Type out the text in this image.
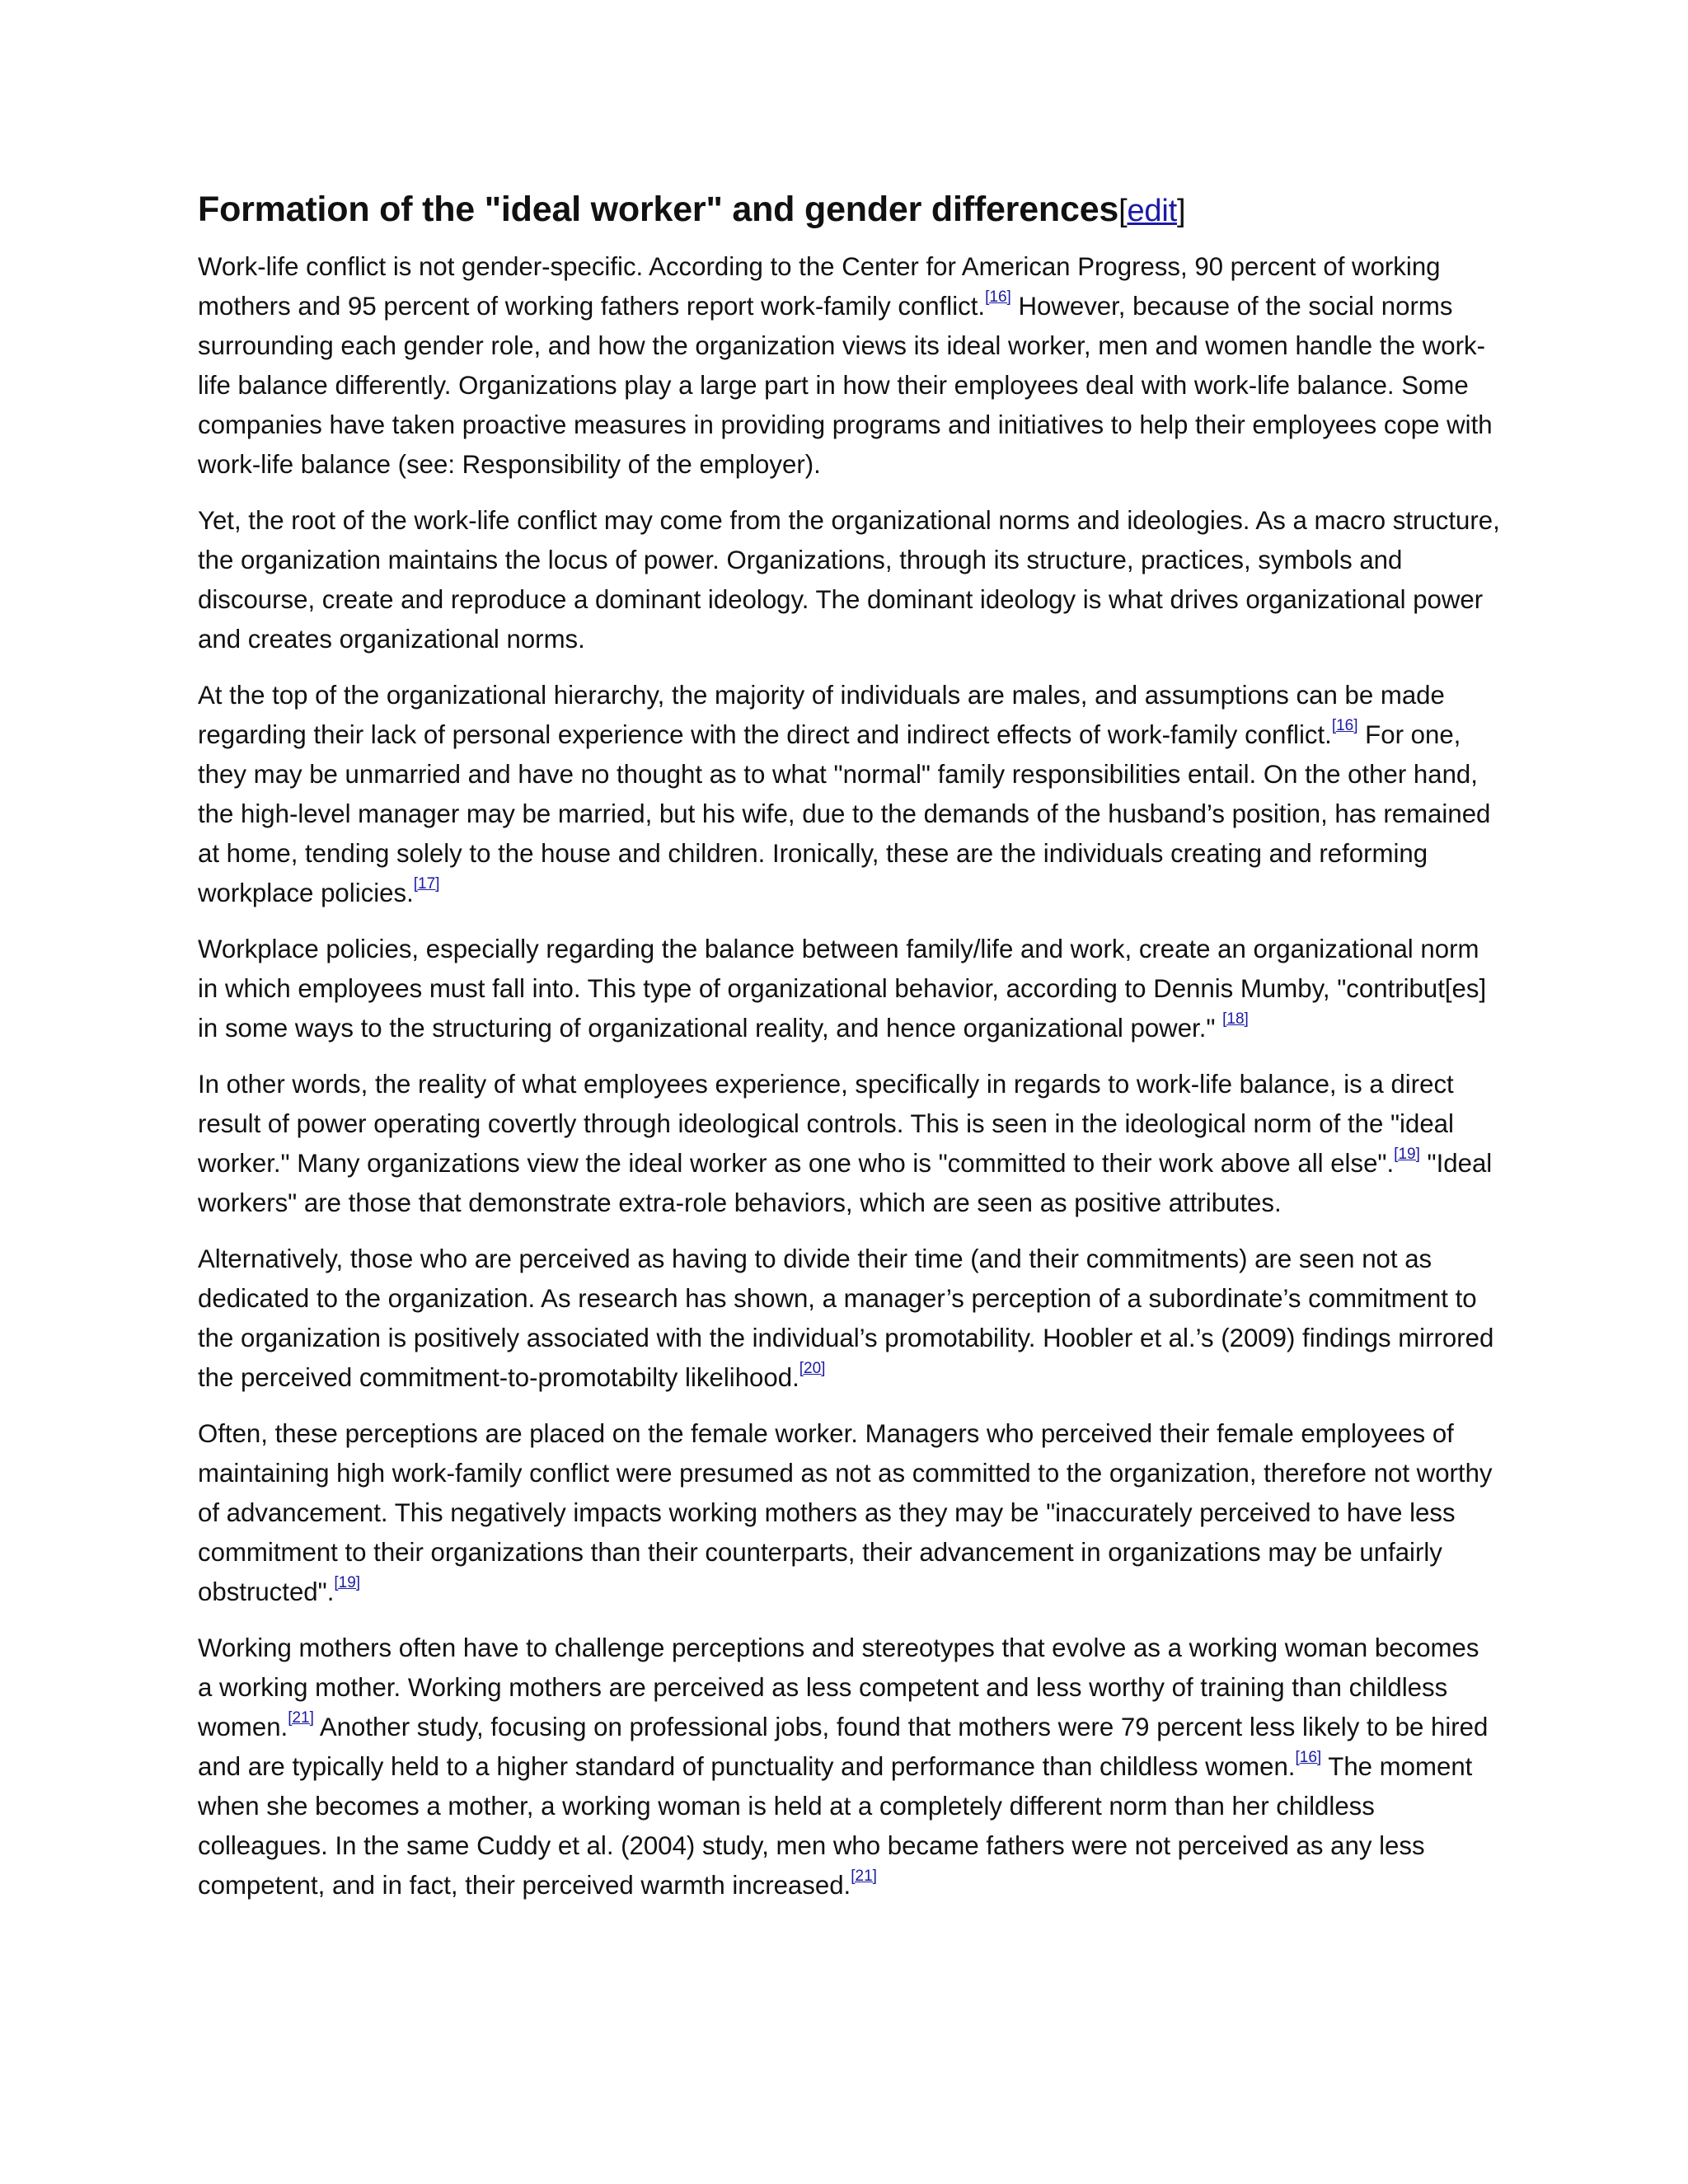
Formation of the "ideal worker" and gender differences[edit]

Work-life conflict is not gender-specific. According to the Center for American Progress, 90 percent of working mothers and 95 percent of working fathers report work-family conflict.[16] However, because of the social norms surrounding each gender role, and how the organization views its ideal worker, men and women handle the work-life balance differently. Organizations play a large part in how their employees deal with work-life balance. Some companies have taken proactive measures in providing programs and initiatives to help their employees cope with work-life balance (see: Responsibility of the employer).

Yet, the root of the work-life conflict may come from the organizational norms and ideologies. As a macro structure, the organization maintains the locus of power. Organizations, through its structure, practices, symbols and discourse, create and reproduce a dominant ideology. The dominant ideology is what drives organizational power and creates organizational norms.

At the top of the organizational hierarchy, the majority of individuals are males, and assumptions can be made regarding their lack of personal experience with the direct and indirect effects of work-family conflict.[16] For one, they may be unmarried and have no thought as to what "normal" family responsibilities entail. On the other hand, the high-level manager may be married, but his wife, due to the demands of the husband’s position, has remained at home, tending solely to the house and children. Ironically, these are the individuals creating and reforming workplace policies.[17]

Workplace policies, especially regarding the balance between family/life and work, create an organizational norm in which employees must fall into. This type of organizational behavior, according to Dennis Mumby, "contribut[es] in some ways to the structuring of organizational reality, and hence organizational power." [18]

In other words, the reality of what employees experience, specifically in regards to work-life balance, is a direct result of power operating covertly through ideological controls. This is seen in the ideological norm of the "ideal worker." Many organizations view the ideal worker as one who is "committed to their work above all else".[19] "Ideal workers" are those that demonstrate extra-role behaviors, which are seen as positive attributes.

Alternatively, those who are perceived as having to divide their time (and their commitments) are seen not as dedicated to the organization. As research has shown, a manager’s perception of a subordinate’s commitment to the organization is positively associated with the individual’s promotability. Hoobler et al.’s (2009) findings mirrored the perceived commitment-to-promotabilty likelihood.[20]

Often, these perceptions are placed on the female worker. Managers who perceived their female employees of maintaining high work-family conflict were presumed as not as committed to the organization, therefore not worthy of advancement. This negatively impacts working mothers as they may be "inaccurately perceived to have less commitment to their organizations than their counterparts, their advancement in organizations may be unfairly obstructed".[19]

Working mothers often have to challenge perceptions and stereotypes that evolve as a working woman becomes a working mother. Working mothers are perceived as less competent and less worthy of training than childless women.[21] Another study, focusing on professional jobs, found that mothers were 79 percent less likely to be hired and are typically held to a higher standard of punctuality and performance than childless women.[16] The moment when she becomes a mother, a working woman is held at a completely different norm than her childless colleagues. In the same Cuddy et al. (2004) study, men who became fathers were not perceived as any less competent, and in fact, their perceived warmth increased.[21]
